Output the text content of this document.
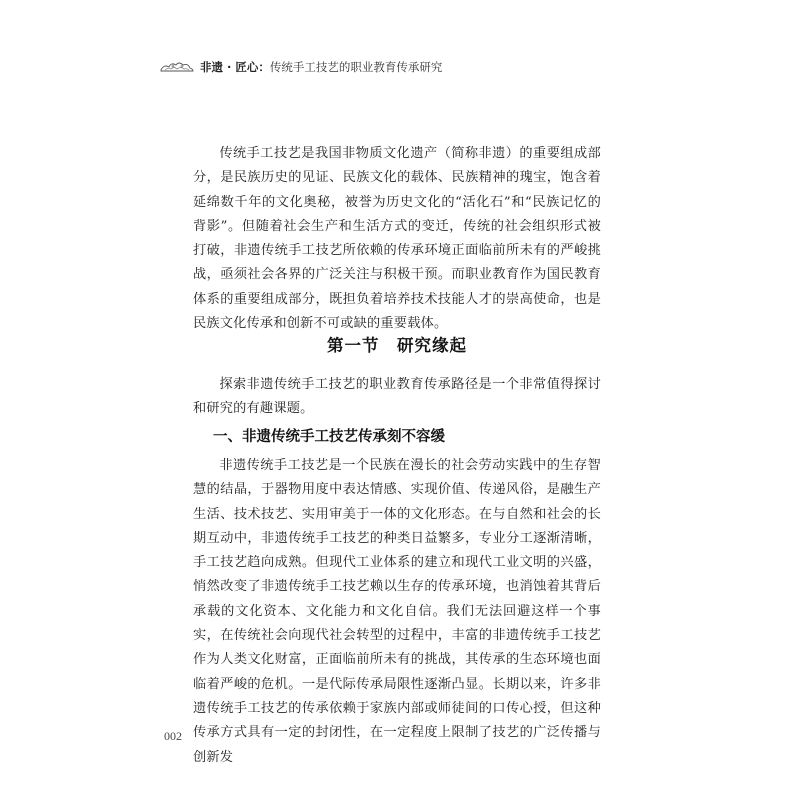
非遗 · 匠心： 传统手工技艺的职业教育传承研究

传统手工技艺是我国非物质文化遗产（简称非遗）的重要组成部分，是民族历史的见证、民族文化的载体、民族精神的瑰宝，饱含着延绵数千年的文化奥秘，被誉为历史文化的“活化石”和“民族记忆的背影”。但随着社会生产和生活方式的变迁，传统的社会组织形式被打破，非遗传统手工技艺所依赖的传承环境正面临前所未有的严峻挑战，亟须社会各界的广泛关注与积极干预。而职业教育作为国民教育体系的重要组成部分，既担负着培养技术技能人才的崇高使命，也是民族文化传承和创新不可或缺的重要载体。

第一节　研究缘起

探索非遗传统手工技艺的职业教育传承路径是一个非常值得探讨和研究的有趣课题。

一、非遗传统手工技艺传承刻不容缓

非遗传统手工技艺是一个民族在漫长的社会劳动实践中的生存智慧的结晶，于器物用度中表达情感、实现价值、传递风俗，是融生产生活、技术技艺、实用审美于一体的文化形态。在与自然和社会的长期互动中，非遗传统手工技艺的种类日益繁多，专业分工逐渐清晰，手工技艺趋向成熟。但现代工业体系的建立和现代工业文明的兴盛，悄然改变了非遗传统手工技艺赖以生存的传承环境，也消蚀着其背后承载的文化资本、文化能力和文化自信。我们无法回避这样一个事实，在传统社会向现代社会转型的过程中，丰富的非遗传统手工技艺作为人类文化财富，正面临前所未有的挑战，其传承的生态环境也面临着严峻的危机。一是代际传承局限性逐渐凸显。长期以来，许多非遗传统手工技艺的传承依赖于家族内部或师徒间的口传心授，但这种传承方式具有一定的封闭性，在一定程度上限制了技艺的广泛传播与创新发

002
